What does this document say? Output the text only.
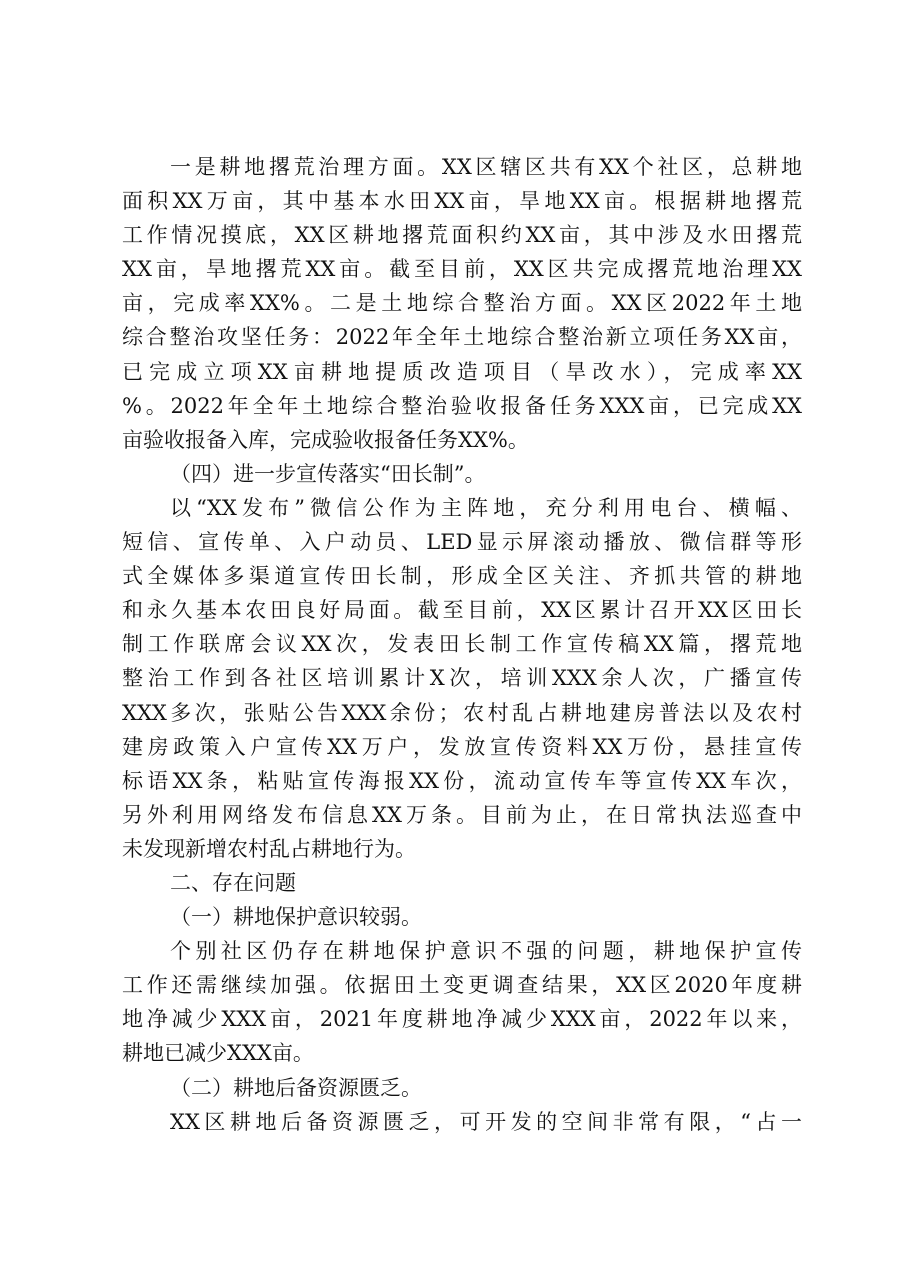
一是耕地撂荒治理方面。XX区辖区共有XX个社区，总耕地
面积XX万亩，其中基本水田XX亩，旱地XX亩。根据耕地撂荒
工作情况摸底，XX区耕地撂荒面积约XX亩，其中涉及水田撂荒
XX亩，旱地撂荒XX亩。截至目前，XX区共完成撂荒地治理XX
亩，完成率XX%。二是土地综合整治方面。XX区2022年土地
综合整治攻坚任务：2022年全年土地综合整治新立项任务XX亩，
已完成立项XX亩耕地提质改造项目（旱改水），完成率XX
%。2022年全年土地综合整治验收报备任务XXX亩，已完成XX
亩验收报备入库，完成验收报备任务XX%。
（四）进一步宣传落实“田长制”。
以“XX发布”微信公作为主阵地，充分利用电台、横幅、
短信、宣传单、入户动员、LED显示屏滚动播放、微信群等形
式全媒体多渠道宣传田长制，形成全区关注、齐抓共管的耕地
和永久基本农田良好局面。截至目前，XX区累计召开XX区田长
制工作联席会议XX次，发表田长制工作宣传稿XX篇，撂荒地
整治工作到各社区培训累计X次，培训XXX余人次，广播宣传
XXX多次，张贴公告XXX余份；农村乱占耕地建房普法以及农村
建房政策入户宣传XX万户，发放宣传资料XX万份，悬挂宣传
标语XX条，粘贴宣传海报XX份，流动宣传车等宣传XX车次，
另外利用网络发布信息XX万条。目前为止，在日常执法巡查中
未发现新增农村乱占耕地行为。
二、存在问题
（一）耕地保护意识较弱。
个别社区仍存在耕地保护意识不强的问题，耕地保护宣传
工作还需继续加强。依据田土变更调查结果，XX区2020年度耕
地净减少XXX亩，2021年度耕地净减少XXX亩，2022年以来，
耕地已减少XXX亩。
（二）耕地后备资源匮乏。
XX区耕地后备资源匮乏，可开发的空间非常有限，“占一
